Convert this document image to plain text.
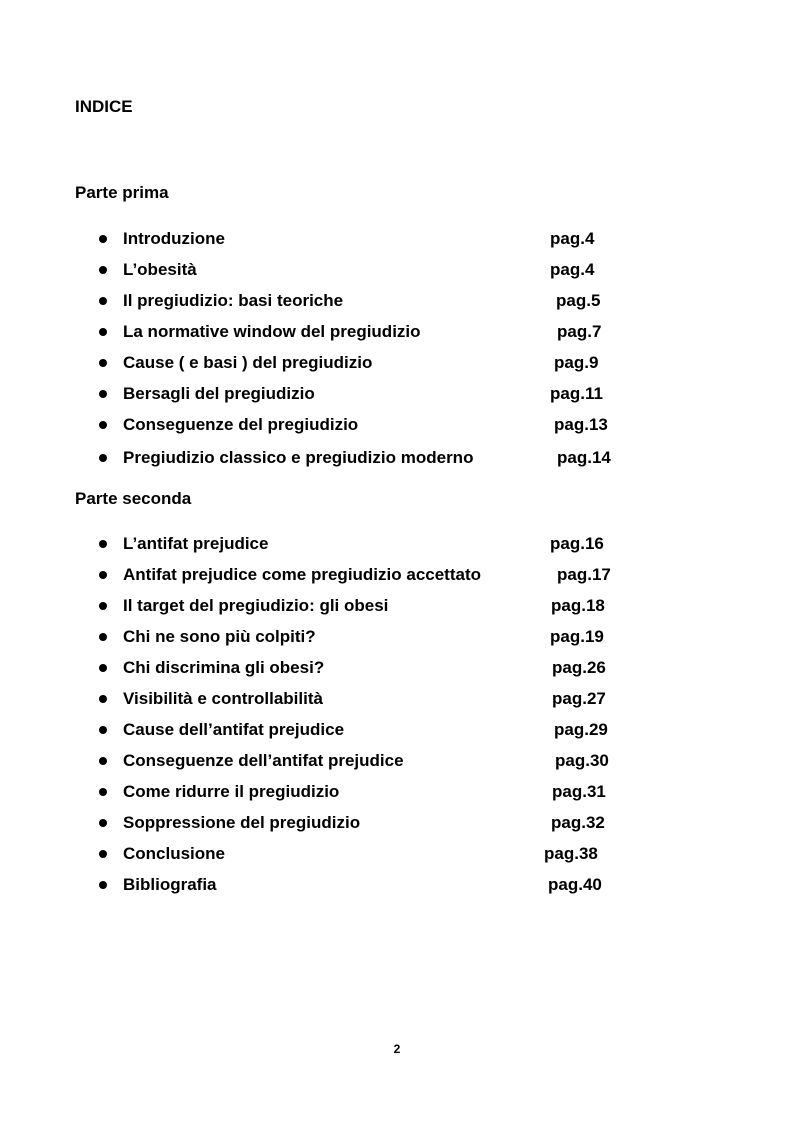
INDICE
Parte prima
Introduzione	pag.4
L’obesità	pag.4
Il pregiudizio: basi teoriche	pag.5
La normative window del pregiudizio	pag.7
Cause ( e basi ) del pregiudizio	pag.9
Bersagli del pregiudizio	pag.11
Conseguenze del pregiudizio	pag.13
Pregiudizio classico e pregiudizio moderno	pag.14
Parte seconda
L’antifat prejudice	pag.16
Antifat prejudice come pregiudizio accettato	pag.17
Il target del pregiudizio: gli obesi	pag.18
Chi ne sono più colpiti?	pag.19
Chi discrimina gli obesi?	pag.26
Visibilità e controllabilità	pag.27
Cause dell’antifat prejudice	pag.29
Conseguenze dell’antifat prejudice	pag.30
Come ridurre il pregiudizio	pag.31
Soppressione del pregiudizio	pag.32
Conclusione	pag.38
Bibliografia	pag.40
2
